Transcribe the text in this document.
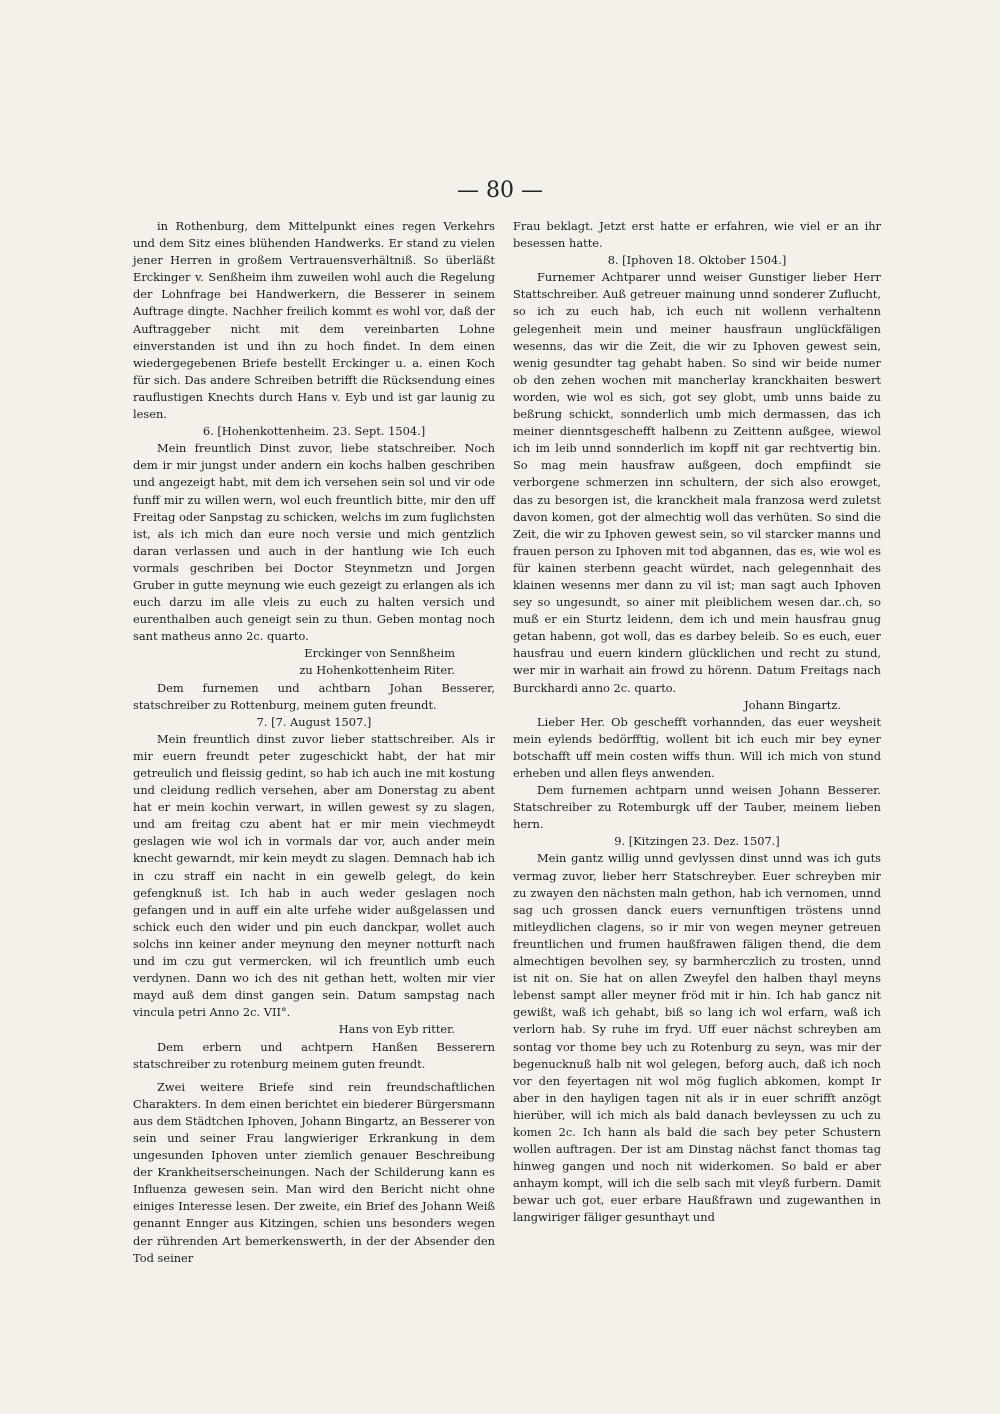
— 80 —

in Rothenburg, dem Mittelpunkt eines regen Verkehrs und dem Sitz eines blühenden Handwerks. Er stand zu vielen jener Herren in großem Vertrauensverhältniß. So überläßt Erckinger v. Senßheim ihm zuweilen wohl auch die Regelung der Lohnfrage bei Handwerkern, die Besserer in seinem Auftrage dingte. Nachher freilich kommt es wohl vor, daß der Auftraggeber nicht mit dem vereinbarten Lohne einverstanden ist und ihn zu hoch findet. In dem einen wiedergegebenen Briefe bestellt Erckinger u. a. einen Koch für sich. Das andere Schreiben betrifft die Rücksendung eines rauflustigen Knechts durch Hans v. Eyb und ist gar launig zu lesen.

6. [Hohenkottenheim. 23. Sept. 1504.]

Mein freuntlich Dinst zuvor, liebe statschreiber. Noch dem ir mir jungst under andern ein kochs halben geschriben und angezeigt habt, mit dem ich versehen sein sol und vir ode funff mir zu willen wern, wol euch freuntlich bitte, mir den uff Freitag oder Sanpstag zu schicken, welchs im zum fuglichsten ist, als ich mich dan eure noch versie und mich gentzlich daran verlassen und auch in der hantlung wie Ich euch vormals geschriben bei Doctor Steynmetzn und Jorgen Gruber in gutte meynung wie euch gezeigt zu erlangen als ich euch darzu im alle vleis zu euch zu halten versich und eurenthalben auch geneigt sein zu thun. Geben montag noch sant matheus anno 2c. quarto.

Erckinger von Sennßheim

zu Hohenkottenheim Riter.

Dem furnemen und achtbarn Johan Besserer, statschreiber zu Rottenburg, meinem guten freundt.

7. [7. August 1507.]

Mein freuntlich dinst zuvor lieber stattschreiber. Als ir mir euern freundt peter zugeschickt habt, der hat mir getreulich und fleissig gedint, so hab ich auch ine mit kostung und cleidung redlich versehen, aber am Donerstag zu abent hat er mein kochin verwart, in willen gewest sy zu slagen, und am freitag czu abent hat er mir mein viechmeydt geslagen wie wol ich in vormals dar vor, auch ander mein knecht gewarndt, mir kein meydt zu slagen. Demnach hab ich in czu straff ein nacht in ein gewelb gelegt, do kein gefengknuß ist. Ich hab in auch weder geslagen noch gefangen und in auff ein alte urfehe wider außgelassen und schick euch den wider und pin euch danckpar, wollet auch solchs inn keiner ander meynung den meyner notturft nach und im czu gut vermercken, wil ich freuntlich umb euch verdynen. Dann wo ich des nit gethan hett, wolten mir vier mayd auß dem dinst gangen sein. Datum sampstag nach vincula petri Anno 2c. VII°.

Hans von Eyb ritter.

Dem erbern und achtpern Hanßen Besserern statschreiber zu rotenburg meinem guten freundt.

Zwei weitere Briefe sind rein freundschaftlichen Charakters. In dem einen berichtet ein biederer Bürgersmann aus dem Städtchen Iphoven, Johann Bingartz, an Besserer von sein und seiner Frau langwieriger Erkrankung in dem ungesunden Iphoven unter ziemlich genauer Beschreibung der Krankheitserscheinungen. Nach der Schilderung kann es Influenza gewesen sein. Man wird den Bericht nicht ohne einiges Interesse lesen. Der zweite, ein Brief des Johann Weiß genannt Ennger aus Kitzingen, schien uns besonders wegen der rührenden Art bemerkenswerth, in der der Absender den Tod seiner

Frau beklagt. Jetzt erst hatte er erfahren, wie viel er an ihr besessen hatte.

8. [Iphoven 18. Oktober 1504.]

Furnemer Achtparer unnd weiser Gunstiger lieber Herr Stattschreiber. Auß getreuer mainung unnd sonderer Zuflucht, so ich zu euch hab, ich euch nit wollenn verhaltenn gelegenheit mein und meiner hausfraun unglückfäligen wesenns, das wir die Zeit, die wir zu Iphoven gewest sein, wenig gesundter tag gehabt haben. So sind wir beide numer ob den zehen wochen mit mancherlay kranckhaiten beswert worden, wie wol es sich, got sey globt, umb unns baide zu beßrung schickt, sonnderlich umb mich dermassen, das ich meiner dienntsgeschefft halbenn zu Zeittenn außgee, wiewol ich im leib unnd sonnderlich im kopff nit gar rechtvertig bin. So mag mein hausfraw außgeen, doch empfiindt sie verborgene schmerzen inn schultern, der sich also erowget, das zu besorgen ist, die kranckheit mala franzosa werd zuletst davon komen, got der almechtig woll das verhüten. So sind die Zeit, die wir zu Iphoven gewest sein, so vil starcker manns und frauen person zu Iphoven mit tod abgannen, das es, wie wol es für kainen sterbenn geacht würdet, nach gelegennhait des klainen wesenns mer dann zu vil ist; man sagt auch Iphoven sey so ungesundt, so ainer mit pleiblichem wesen dar..ch, so muß er ein Sturtz leidenn, dem ich und mein hausfrau gnug getan habenn, got woll, das es darbey beleib. So es euch, euer hausfrau und euern kindern glücklichen und recht zu stund, wer mir in warhait ain frowd zu hörenn. Datum Freitags nach Burckhardi anno 2c. quarto.

Johann Bingartz.

Lieber Her. Ob geschefft vorhannden, das euer weysheit mein eylends bedörfftig, wollent bit ich euch mir bey eyner botschafft uff mein costen wiffs thun. Will ich mich von stund erheben und allen fleys anwenden.

Dem furnemen achtparn unnd weisen Johann Besserer. Statschreiber zu Rotemburgk uff der Tauber, meinem lieben hern.

9. [Kitzingen 23. Dez. 1507.]

Mein gantz willig unnd gevlyssen dinst unnd was ich guts vermag zuvor, lieber herr Statschreyber. Euer schreyben mir zu zwayen den nächsten maln gethon, hab ich vernomen, unnd sag uch grossen danck euers vernunftigen tröstens unnd mitleydlichen clagens, so ir mir von wegen meyner getreuen freuntlichen und frumen haußfrawen fäligen thend, die dem almechtigen bevolhen sey, sy barmherczlich zu trosten, unnd ist nit on. Sie hat on allen Zweyfel den halben thayl meyns lebenst sampt aller meyner fröd mit ir hin. Ich hab gancz nit gewißt, waß ich gehabt, biß so lang ich wol erfarn, waß ich verlorn hab. Sy ruhe im fryd. Uff euer nächst schreyben am sontag vor thome bey uch zu Rotenburg zu seyn, was mir der begenucknuß halb nit wol gelegen, beforg auch, daß ich noch vor den feyertagen nit wol mög fuglich abkomen, kompt Ir aber in den hayligen tagen nit als ir in euer schrifft anzögt hierüber, will ich mich als bald danach bevleyssen zu uch zu komen 2c. Ich hann als bald die sach bey peter Schustern wollen auftragen. Der ist am Dinstag nächst fanct thomas tag hinweg gangen und noch nit widerkomen. So bald er aber anhaym kompt, will ich die selb sach mit vleyß furbern. Damit bewar uch got, euer erbare Haußfrawn und zugewanthen in langwiriger fäliger gesunthayt und
